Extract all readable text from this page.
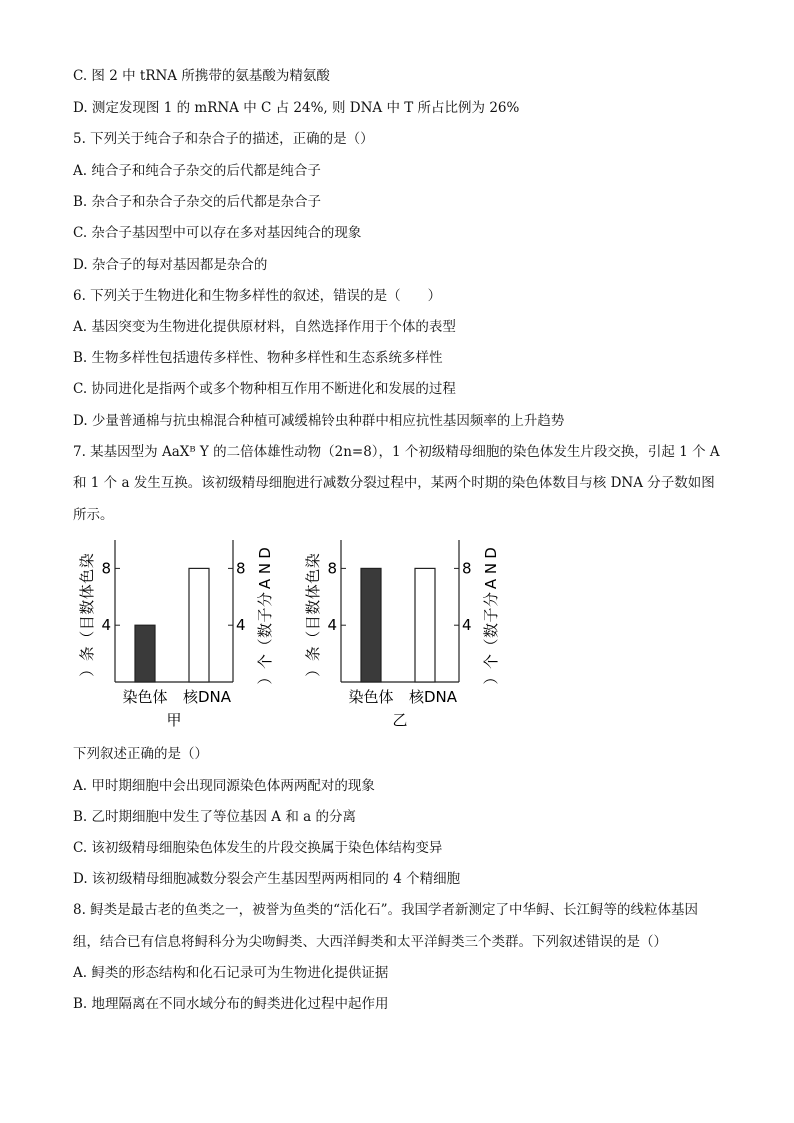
C. 图 2 中 tRNA 所携带的氨基酸为精氨酸
D. 测定发现图 1 的 mRNA 中 C 占 24%, 则 DNA 中 T 所占比例为 26%
5. 下列关于纯合子和杂合子的描述，正确的是（）
A. 纯合子和纯合子杂交的后代都是纯合子
B. 杂合子和杂合子杂交的后代都是杂合子
C. 杂合子基因型中可以存在多对基因纯合的现象
D. 杂合子的每对基因都是杂合的
6. 下列关于生物进化和生物多样性的叙述，错误的是（　　）
A. 基因突变为生物进化提供原材料，自然选择作用于个体的表型
B. 生物多样性包括遗传多样性、物种多样性和生态系统多样性
C. 协同进化是指两个或多个物种相互作用不断进化和发展的过程
D. 少量普通棉与抗虫棉混合种植可减缓棉铃虫种群中相应抗性基因频率的上升趋势
7. 某基因型为 AaXᴮ Y 的二倍体雄性动物（2n=8），1 个初级精母细胞的染色体发生片段交换，引起 1 个 A
和 1 个 a 发生互换。该初级精母细胞进行减数分裂过程中，某两个时期的染色体数目与核 DNA 分子数如图
所示。
4	4
8	8
染
色
体
数
目
（
条
）
D
N
A
分
子
数
（
个
）
染色体 核DNA
甲
4	4
8	8
染
色
体
数
目
（
条
）
D
N
A
分
子
数
（
个
）
染色体 核DNA
乙
下列叙述正确的是（）
A. 甲时期细胞中会出现同源染色体两两配对的现象
B. 乙时期细胞中发生了等位基因 A 和 a 的分离
C. 该初级精母细胞染色体发生的片段交换属于染色体结构变异
D. 该初级精母细胞减数分裂会产生基因型两两相同的 4 个精细胞
8. 鲟类是最古老的鱼类之一，被誉为鱼类的“活化石”。我国学者新测定了中华鲟、长江鲟等的线粒体基因
组，结合已有信息将鲟科分为尖吻鲟类、大西洋鲟类和太平洋鲟类三个类群。下列叙述错误的是（）
A. 鲟类的形态结构和化石记录可为生物进化提供证据
B. 地理隔离在不同水域分布的鲟类进化过程中起作用
